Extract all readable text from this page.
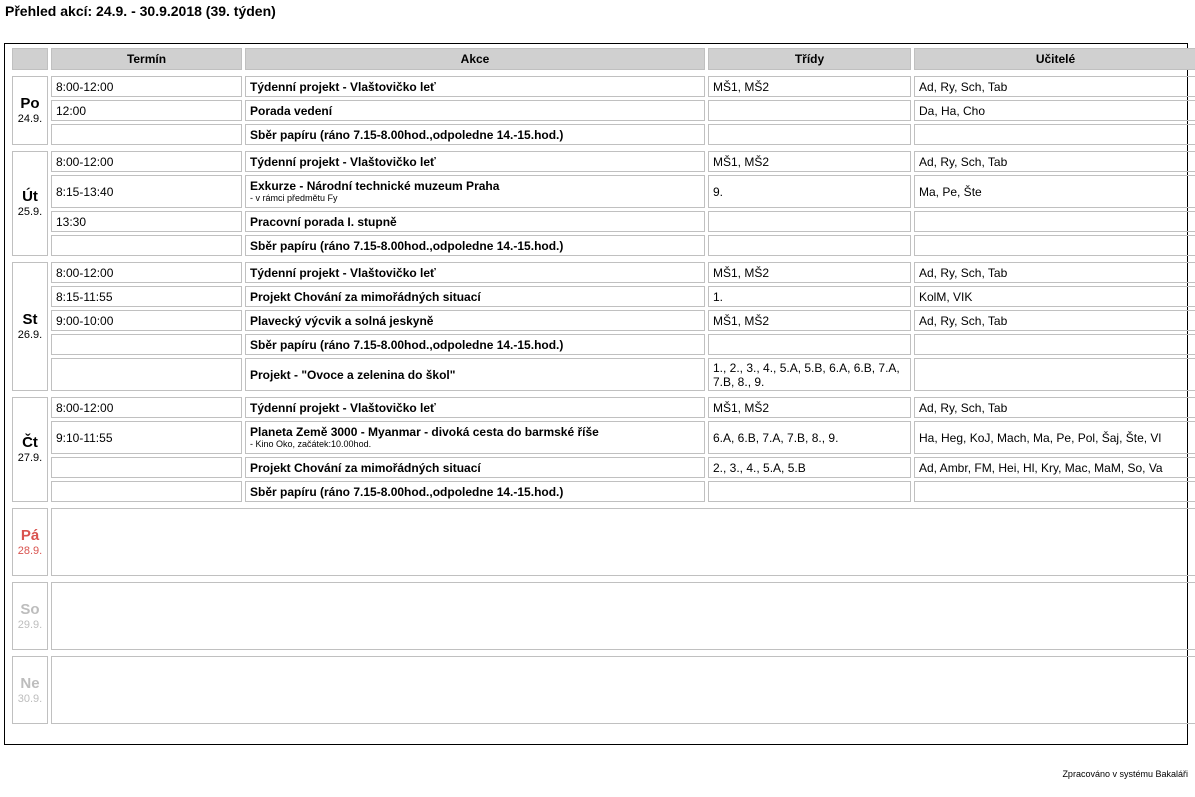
Přehled akcí: 24.9. - 30.9.2018 (39. týden)
	Termín	Akce	Třídy	Učitelé

Po
24.9.	8:00-12:00	Týdenní projekt - Vlaštovičko leť	MŠ1, MŠ2	Ad, Ry, Sch, Tab
	12:00	Porada vedení		Da, Ha, Cho
		Sběr papíru (ráno 7.15-8.00hod.,odpoledne 14.-15.hod.)		

Út
25.9.	8:00-12:00	Týdenní projekt - Vlaštovičko leť	MŠ1, MŠ2	Ad, Ry, Sch, Tab
	8:15-13:40	Exkurze - Národní technické muzeum Praha
- v rámci předmětu Fy	9.	Ma, Pe, Šte
	13:30	Pracovní porada I. stupně		
		Sběr papíru (ráno 7.15-8.00hod.,odpoledne 14.-15.hod.)		

St
26.9.	8:00-12:00	Týdenní projekt - Vlaštovičko leť	MŠ1, MŠ2	Ad, Ry, Sch, Tab
	8:15-11:55	Projekt Chování za mimořádných situací	1.	KolM, VIK
	9:00-10:00	Plavecký výcvik a solná jeskyně	MŠ1, MŠ2	Ad, Ry, Sch, Tab
		Sběr papíru (ráno 7.15-8.00hod.,odpoledne 14.-15.hod.)		
		Projekt - "Ovoce a zelenina do škol"	1., 2., 3., 4., 5.A, 5.B, 6.A, 6.B, 7.A, 7.B, 8., 9.	

Čt
27.9.	8:00-12:00	Týdenní projekt - Vlaštovičko leť	MŠ1, MŠ2	Ad, Ry, Sch, Tab
	9:10-11:55	Planeta Země 3000 - Myanmar - divoká cesta do barmské říše
- Kino Oko, začátek:10.00hod.	6.A, 6.B, 7.A, 7.B, 8., 9.	Ha, Heg, KoJ, Mach, Ma, Pe, Pol, Šaj, Šte, Vl
		Projekt Chování za mimořádných situací	2., 3., 4., 5.A, 5.B	Ad, Ambr, FM, Hei, Hl, Kry, Mac, MaM, So, Va
		Sběr papíru (ráno 7.15-8.00hod.,odpoledne 14.-15.hod.)		

Pá
28.9.				

So
29.9.				

Ne
30.9.				

Zpracováno v systému Bakaláři
